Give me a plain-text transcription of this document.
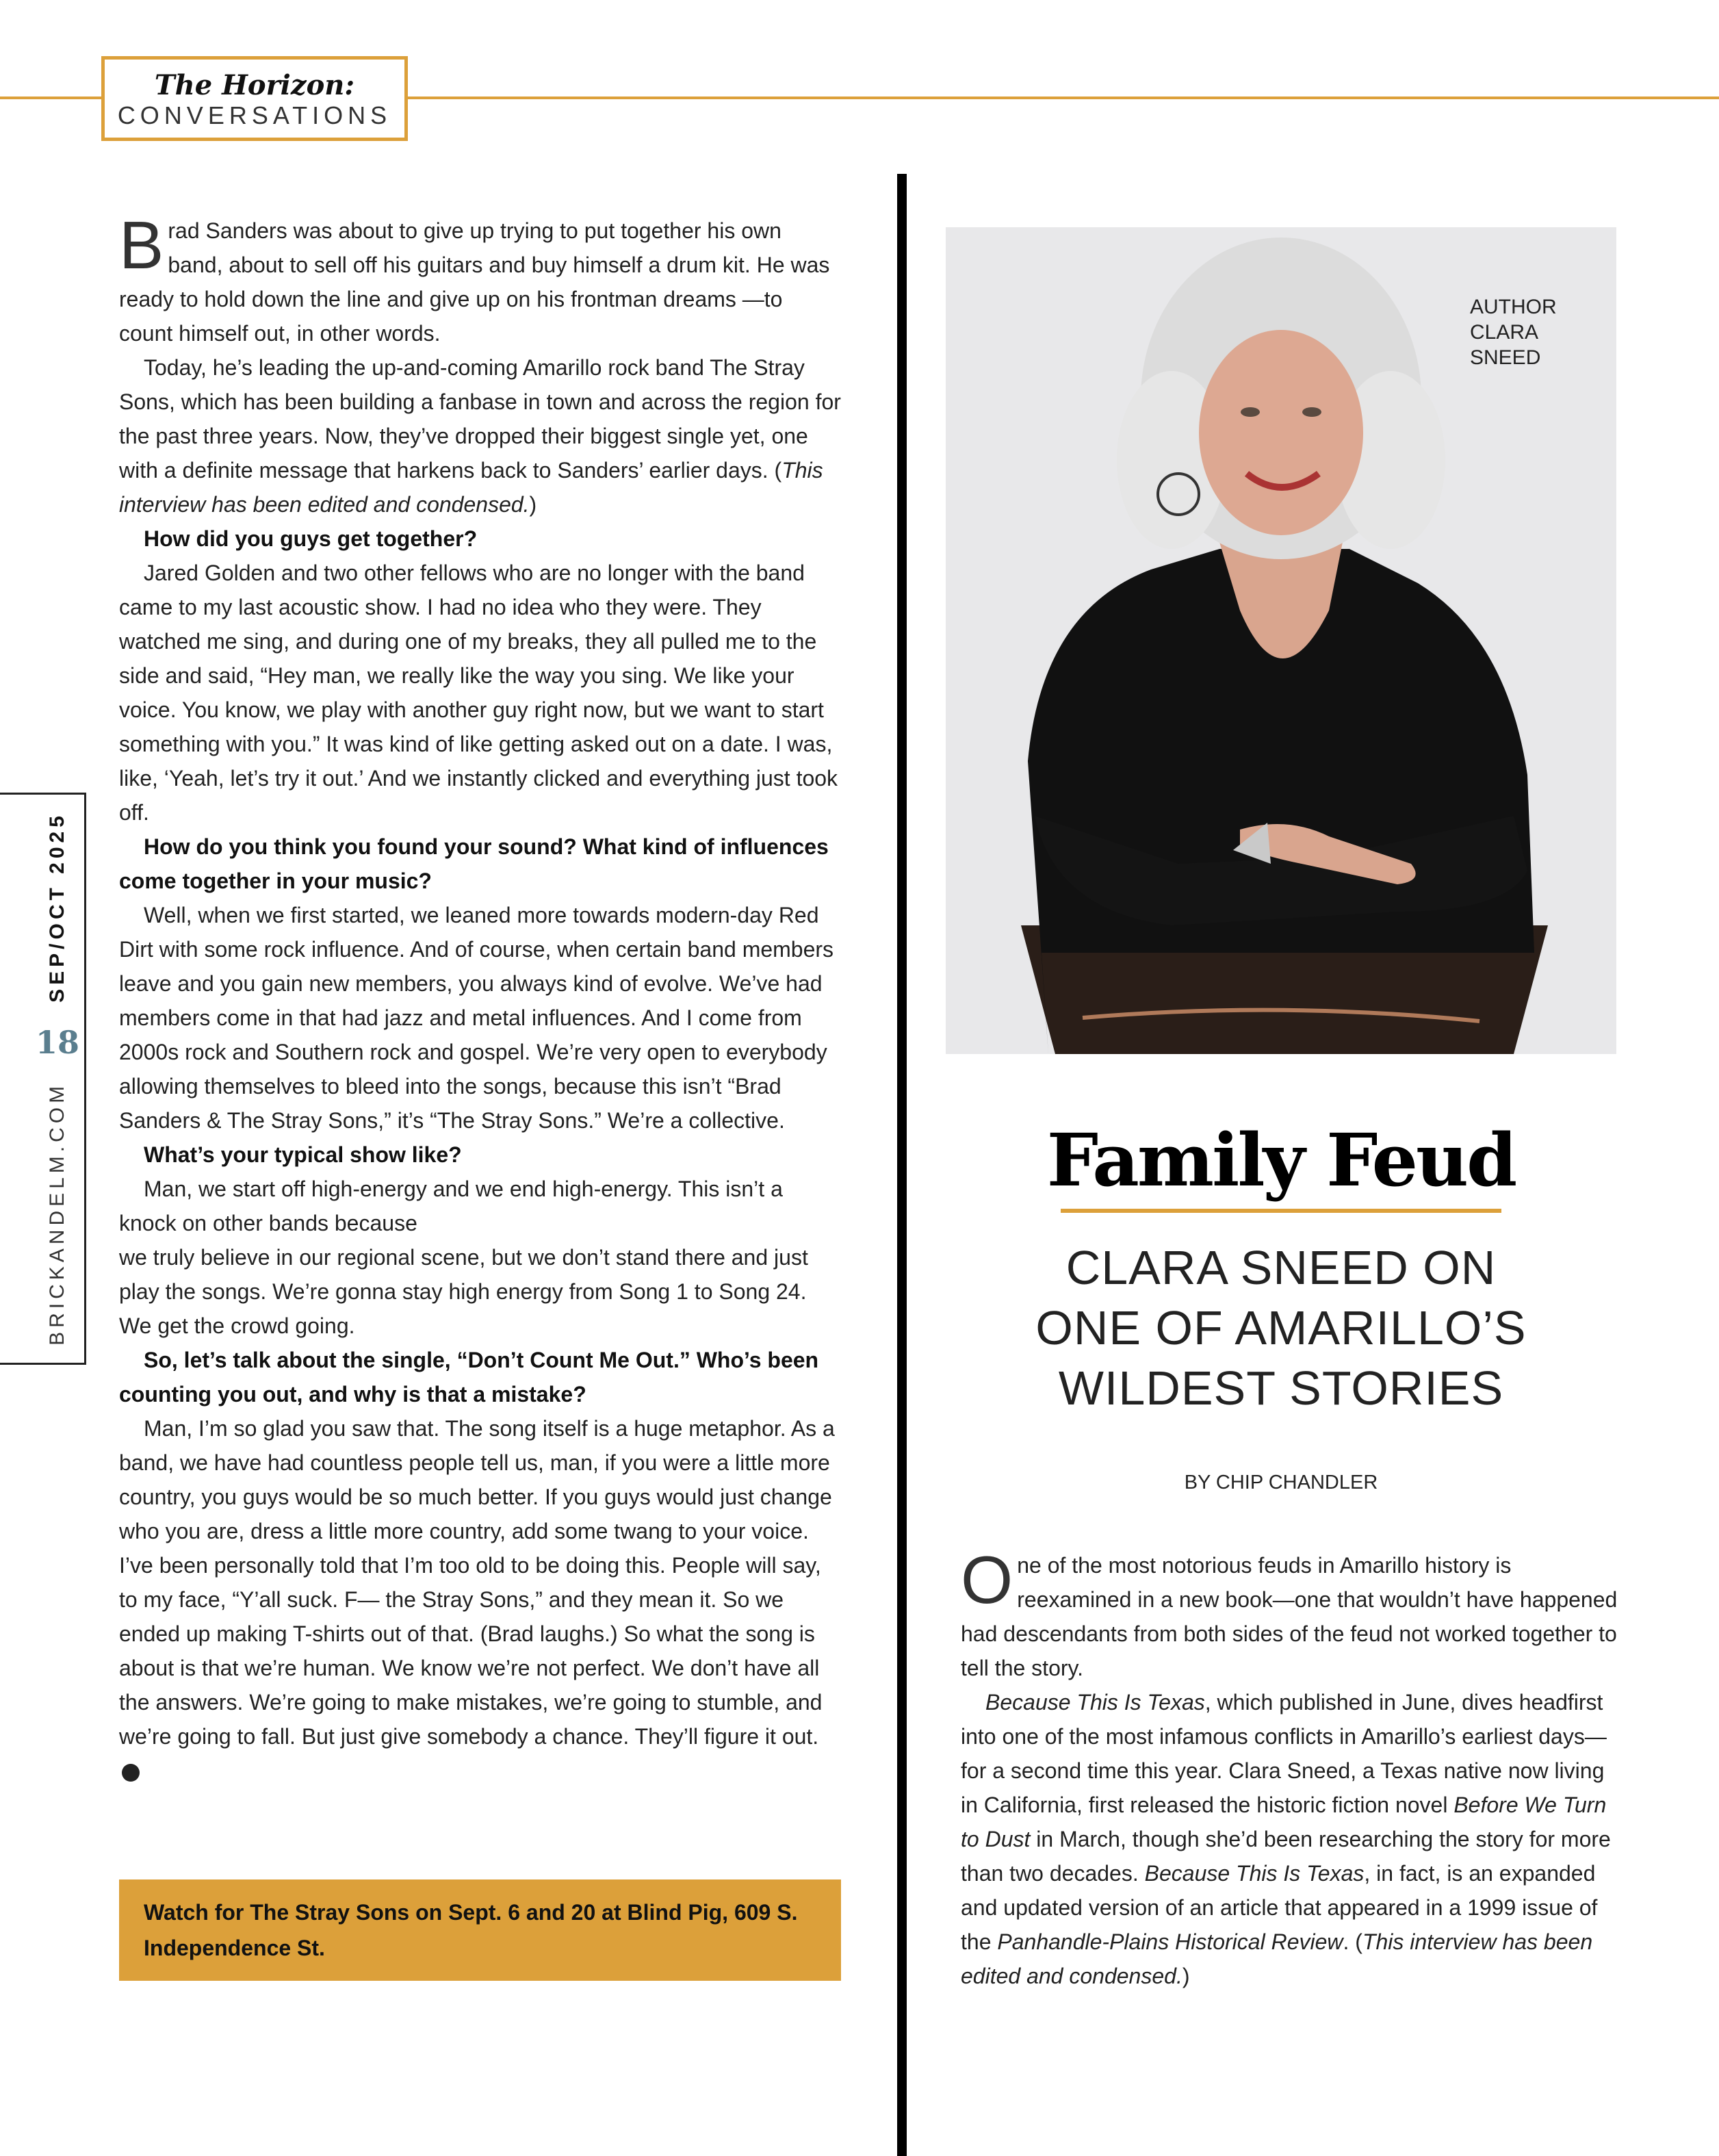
The Horizon:
CONVERSATIONS
BRICKANDELM.COM
18
SEP/OCT 2025

Brad Sanders was about to give up trying to put together his own band, about to sell off his guitars and buy himself a drum kit. He was ready to hold down the line and give up on his frontman dreams —to count himself out, in other words.

Today, he’s leading the up-and-coming Amarillo rock band The Stray Sons, which has been building a fanbase in town and across the region for the past three years. Now, they’ve dropped their biggest single yet, one with a definite message that harkens back to Sanders’ earlier days. (This interview has been edited and condensed.)

How did you guys get together?

Jared Golden and two other fellows who are no longer with the band came to my last acoustic show. I had no idea who they were. They watched me sing, and during one of my breaks, they all pulled me to the side and said, “Hey man, we really like the way you sing. We like your voice. You know, we play with another guy right now, but we want to start something with you.” It was kind of like getting asked out on a date. I was, like, ‘Yeah, let’s try it out.’ And we instantly clicked and everything just took off.

How do you think you found your sound? What kind of influences come together in your music?

Well, when we first started, we leaned more towards modern-day Red Dirt with some rock influence. And of course, when certain band members leave and you gain new members, you always kind of evolve. We’ve had members come in that had jazz and metal influences. And I come from 2000s rock and Southern rock and gospel. We’re very open to everybody allowing themselves to bleed into the songs, because this isn’t “Brad Sanders & The Stray Sons,” it’s “The Stray Sons.” We’re a collective.

What’s your typical show like?

Man, we start off high-energy and we end high-energy. This isn’t a knock on other bands because

we truly believe in our regional scene, but we don’t stand there and just play the songs. We’re gonna stay high energy from Song 1 to Song 24. We get the crowd going.

So, let’s talk about the single, “Don’t Count Me Out.” Who’s been counting you out, and why is that a mistake?

Man, I’m so glad you saw that. The song itself is a huge metaphor. As a band, we have had countless people tell us, man, if you were a little more country, you guys would be so much better. If you guys would just change who you are, dress a little more country, add some twang to your voice. I’ve been personally told that I’m too old to be doing this. People will say, to my face, “Y’all suck. F— the Stray Sons,” and they mean it. So we ended up making T-shirts out of that. (Brad laughs.) So what the song is about is that we’re human. We know we’re not perfect. We don’t have all the answers. We’re going to make mistakes, we’re going to stumble, and we’re going to fall. But just give somebody a chance. They’ll figure it out.

Watch for The Stray Sons on Sept. 6 and 20 at Blind Pig, 609 S. Independence St.
AUTHOR
CLARA
SNEED
Family Feud
CLARA SNEED ON
ONE OF AMARILLO’S
WILDEST STORIES
BY CHIP CHANDLER

One of the most notorious feuds in Amarillo history is reexamined in a new book—one that wouldn’t have happened had descendants from both sides of the feud not worked together to tell the story.

Because This Is Texas, which published in June, dives headfirst into one of the most infamous conflicts in Amarillo’s earliest days—for a second time this year. Clara Sneed, a Texas native now living in California, first released the historic fiction novel Before We Turn to Dust in March, though she’d been researching the story for more than two decades. Because This Is Texas, in fact, is an expanded and updated version of an article that appeared in a 1999 issue of the Panhandle-Plains Historical Review. (This interview has been edited and condensed.)
